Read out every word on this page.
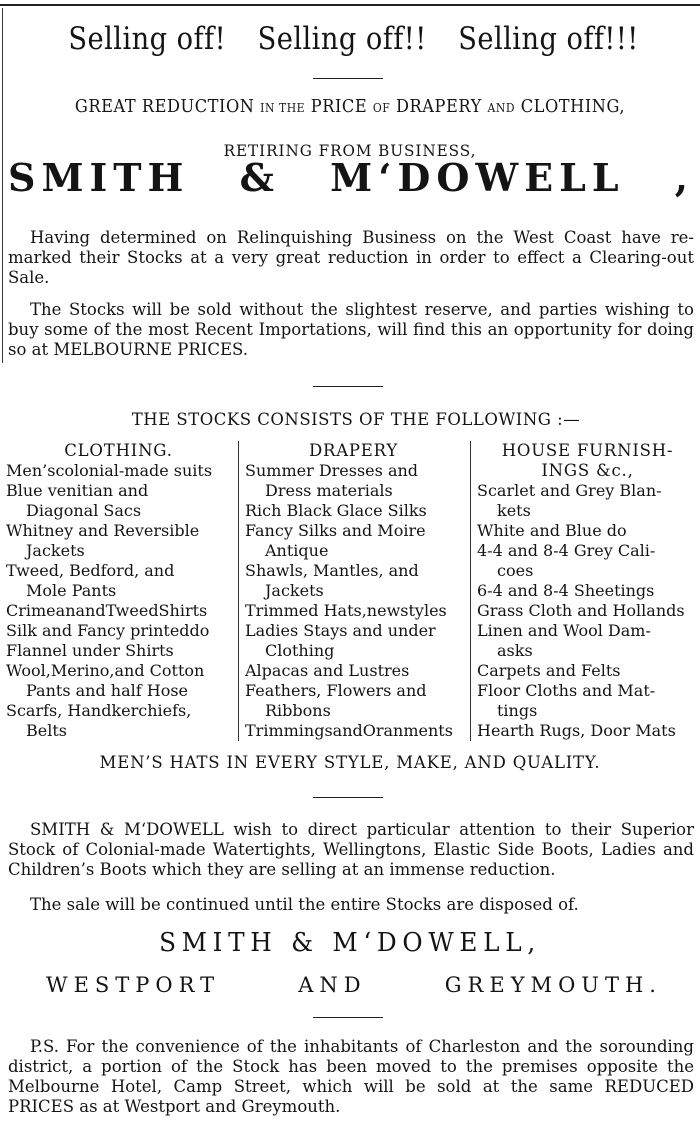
Selling off! Selling off!! Selling off!!!
GREAT REDUCTION IN THE PRICE OF DRAPERY AND CLOTHING,
RETIRING FROM BUSINESS,
SMITH & M‘DOWELL ,
Having determined on Relinquishing Business on the West Coast have re-marked their Stocks at a very great reduction in order to effect a Clearing-out Sale.
The Stocks will be sold without the slightest reserve, and parties wishing to buy some of the most Recent Importations, will find this an opportunity for doing so at MELBOURNE PRICES.
THE STOCKS CONSISTS OF THE FOLLOWING :—
CLOTHING.
Men’scolonial-made suits
Blue venitian and
Diagonal Sacs
Whitney and Reversible
Jackets
Tweed, Bedford, and
Mole Pants
CrimeanandTweedShirts
Silk and Fancy printeddo
Flannel under Shirts
Wool,Merino,and Cotton
Pants and half Hose
Scarfs, Handkerchiefs,
Belts
DRAPERY
Summer Dresses and
Dress materials
Rich Black Glace Silks
Fancy Silks and Moire
Antique
Shawls, Mantles, and
Jackets
Trimmed Hats,newstyles
Ladies Stays and under
Clothing
Alpacas and Lustres
Feathers, Flowers and
Ribbons
TrimmingsandOranments
HOUSE FURNISH-
INGS &c.,
Scarlet and Grey Blan-
kets
White and Blue do
4-4 and 8-4 Grey Cali-
coes
6-4 and 8-4 Sheetings
Grass Cloth and Hollands
Linen and Wool Dam-
asks
Carpets and Felts
Floor Cloths and Mat-
tings
Hearth Rugs, Door Mats
MEN’S HATS IN EVERY STYLE, MAKE, AND QUALITY.
SMITH & M‘DOWELL wish to direct particular attention to their Superior Stock of Colonial-made Watertights, Wellingtons, Elastic Side Boots, Ladies and Children’s Boots which they are selling at an immense reduction.
The sale will be continued until the entire Stocks are disposed of.
SMITH & M‘DOWELL,
WESTPORT	AND	GREYMOUTH.
P.S. For the convenience of the inhabitants of Charleston and the sorounding district, a portion of the Stock has been moved to the premises opposite the Melbourne Hotel, Camp Street, which will be sold at the same REDUCED PRICES as at Westport and Greymouth.
